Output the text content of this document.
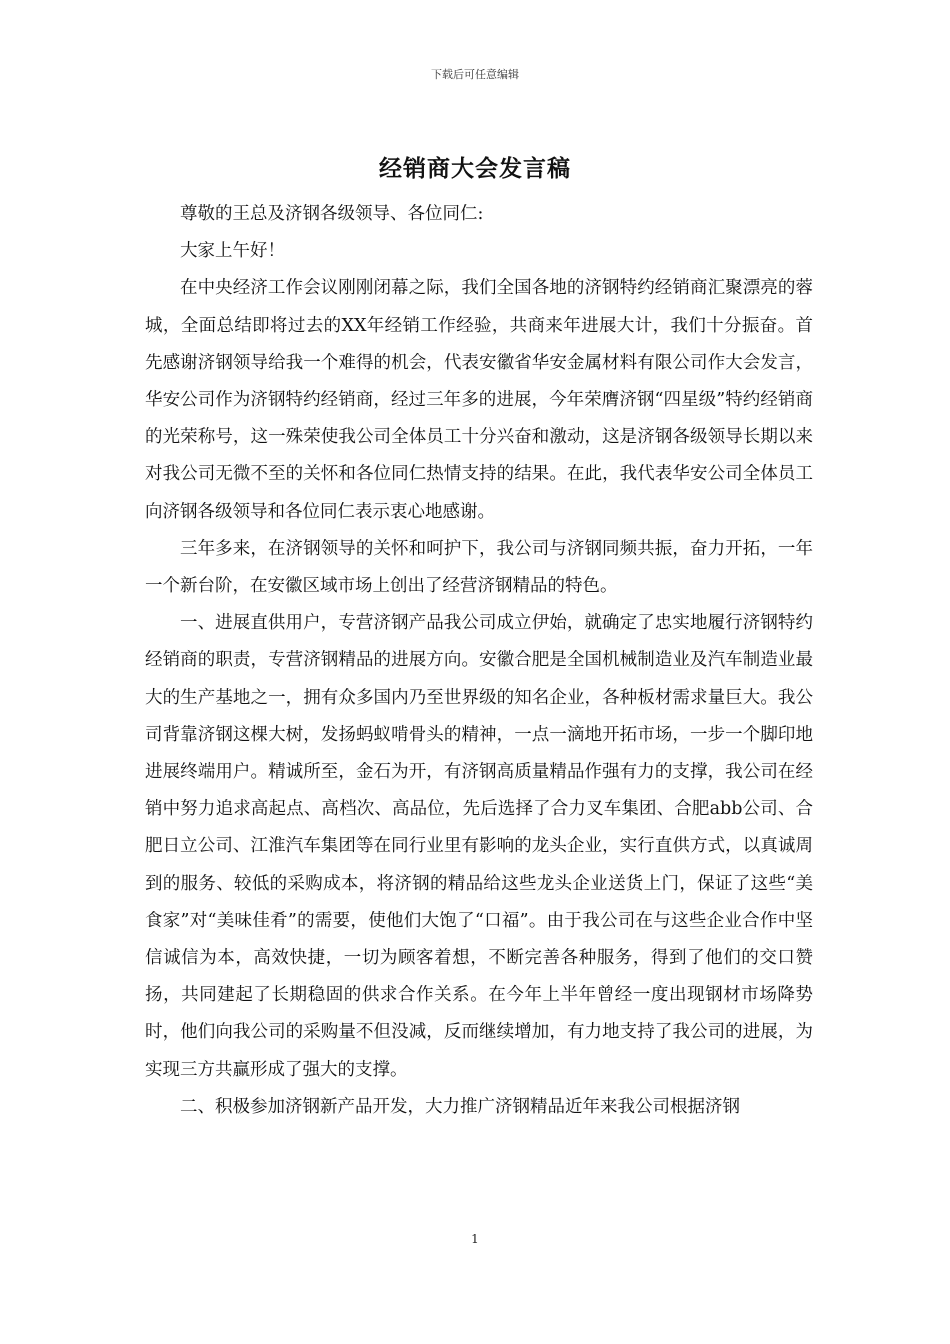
下载后可任意编辑
经销商大会发言稿

尊敬的王总及济钢各级领导、各位同仁:

大家上午好！

在中央经济工作会议刚刚闭幕之际，我们全国各地的济钢特约经销商汇聚漂亮的蓉城，全面总结即将过去的XX年经销工作经验，共商来年进展大计，我们十分振奋。首先感谢济钢领导给我一个难得的机会，代表安徽省华安金属材料有限公司作大会发言，华安公司作为济钢特约经销商，经过三年多的进展，今年荣膺济钢“四星级”特约经销商的光荣称号，这一殊荣使我公司全体员工十分兴奋和激动，这是济钢各级领导长期以来对我公司无微不至的关怀和各位同仁热情支持的结果。在此，我代表华安公司全体员工向济钢各级领导和各位同仁表示衷心地感谢。

三年多来，在济钢领导的关怀和呵护下，我公司与济钢同频共振，奋力开拓，一年一个新台阶，在安徽区域市场上创出了经营济钢精品的特色。

一、进展直供用户，专营济钢产品我公司成立伊始，就确定了忠实地履行济钢特约经销商的职责，专营济钢精品的进展方向。安徽合肥是全国机械制造业及汽车制造业最大的生产基地之一，拥有众多国内乃至世界级的知名企业，各种板材需求量巨大。我公司背靠济钢这棵大树，发扬蚂蚁啃骨头的精神，一点一滴地开拓市场，一步一个脚印地进展终端用户。精诚所至，金石为开，有济钢高质量精品作强有力的支撑，我公司在经销中努力追求高起点、高档次、高品位，先后选择了合力叉车集团、合肥abb公司、合肥日立公司、江淮汽车集团等在同行业里有影响的龙头企业，实行直供方式，以真诚周到的服务、较低的采购成本，将济钢的精品给这些龙头企业送货上门，保证了这些“美食家”对“美味佳肴”的需要，使他们大饱了“口福”。由于我公司在与这些企业合作中坚信诚信为本，高效快捷，一切为顾客着想，不断完善各种服务，得到了他们的交口赞扬，共同建起了长期稳固的供求合作关系。在今年上半年曾经一度出现钢材市场降势时，他们向我公司的采购量不但没减，反而继续增加，有力地支持了我公司的进展，为实现三方共赢形成了强大的支撑。

二、积极参加济钢新产品开发，大力推广济钢精品近年来我公司根据济钢

1
